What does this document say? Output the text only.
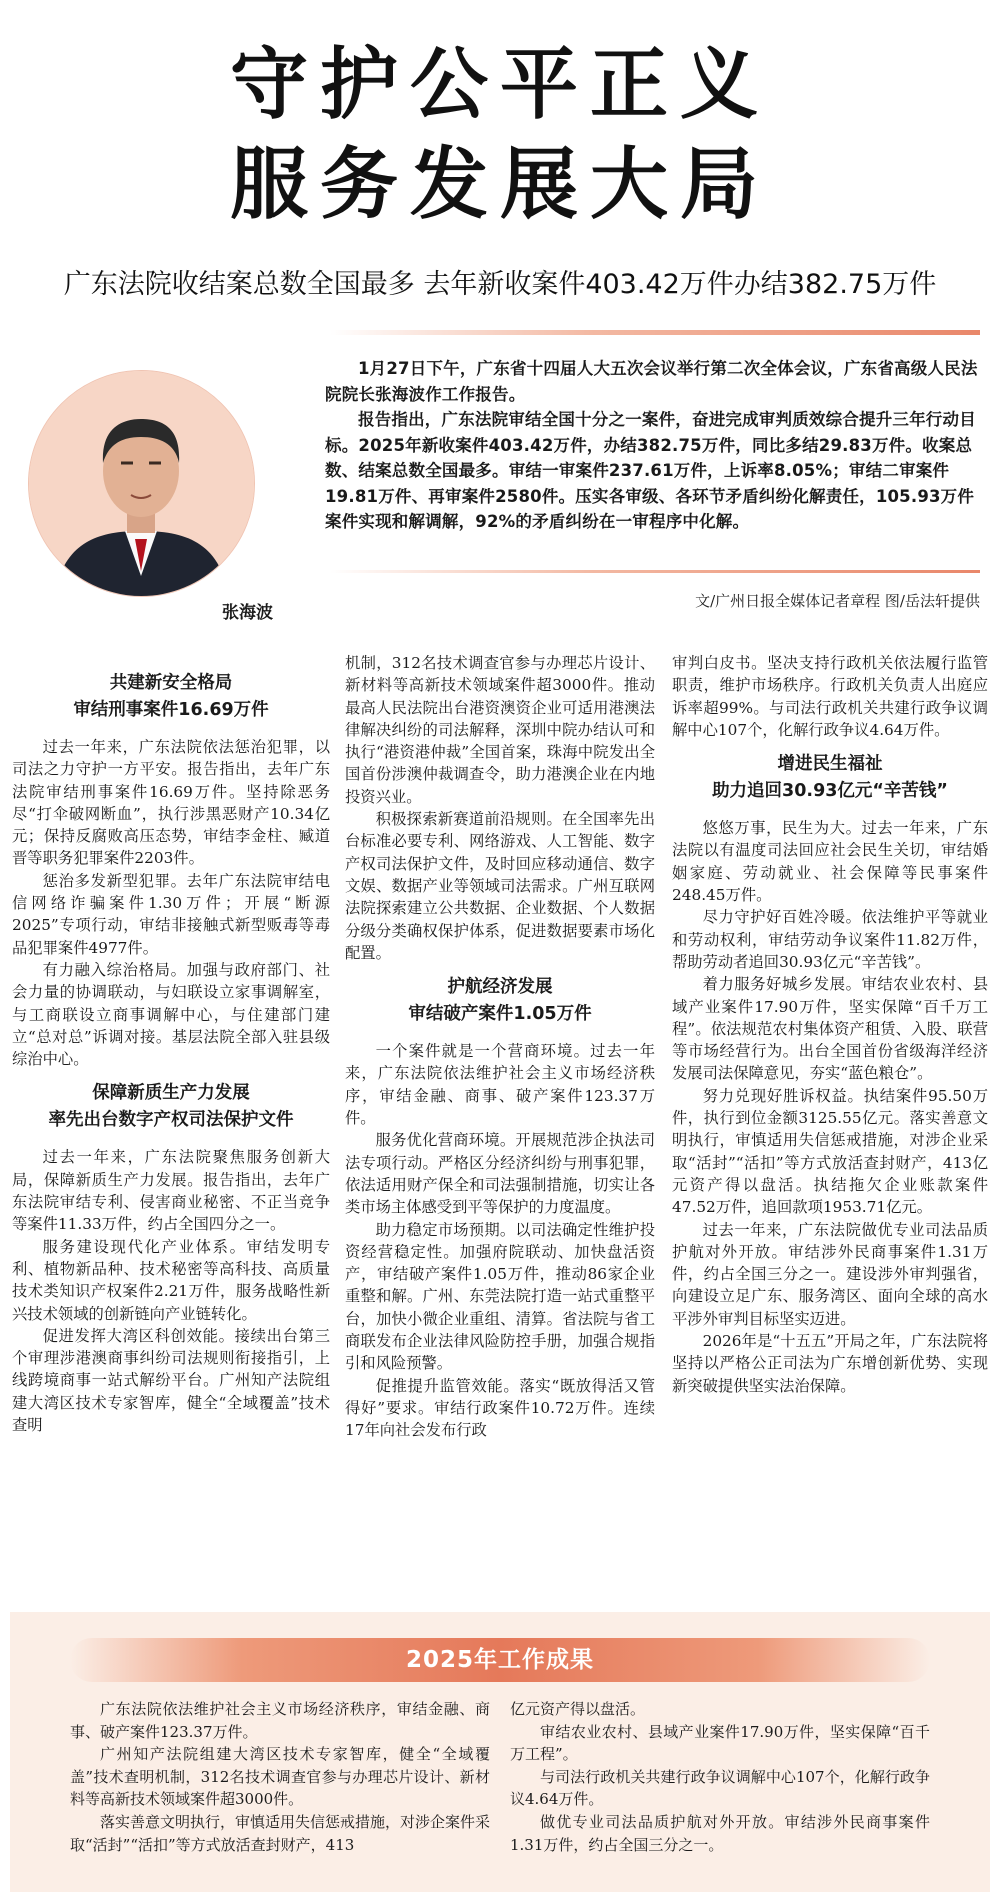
守护公平正义
服务发展大局
广东法院收结案总数全国最多 去年新收案件403.42万件办结382.75万件
张海波

1月27日下午，广东省十四届人大五次会议举行第二次全体会议，广东省高级人民法院院长张海波作工作报告。

报告指出，广东法院审结全国十分之一案件，奋进完成审判质效综合提升三年行动目标。2025年新收案件403.42万件，办结382.75万件，同比多结29.83万件。收案总数、结案总数全国最多。审结一审案件237.61万件，上诉率8.05%；审结二审案件19.81万件、再审案件2580件。压实各审级、各环节矛盾纠纷化解责任，105.93万件案件实现和解调解，92%的矛盾纠纷在一审程序中化解。

文/广州日报全媒体记者章程 图/岳法轩提供
共建新安全格局
审结刑事案件16.69万件

过去一年来，广东法院依法惩治犯罪，以司法之力守护一方平安。报告指出，去年广东法院审结刑事案件16.69万件。坚持除恶务尽“打伞破网断血”，执行涉黑恶财产10.34亿元；保持反腐败高压态势，审结李金柱、臧道晋等职务犯罪案件2203件。

惩治多发新型犯罪。去年广东法院审结电信网络诈骗案件1.30万件；开展“断源2025”专项行动，审结非接触式新型贩毒等毒品犯罪案件4977件。

有力融入综治格局。加强与政府部门、社会力量的协调联动，与妇联设立家事调解室，与工商联设立商事调解中心，与住建部门建立“总对总”诉调对接。基层法院全部入驻县级综治中心。

保障新质生产力发展
率先出台数字产权司法保护文件

过去一年来，广东法院聚焦服务创新大局，保障新质生产力发展。报告指出，去年广东法院审结专利、侵害商业秘密、不正当竞争等案件11.33万件，约占全国四分之一。

服务建设现代化产业体系。审结发明专利、植物新品种、技术秘密等高科技、高质量技术类知识产权案件2.21万件，服务战略性新兴技术领域的创新链向产业链转化。

促进发挥大湾区科创效能。接续出台第三个审理涉港澳商事纠纷司法规则衔接指引，上线跨境商事一站式解纷平台。广州知产法院组建大湾区技术专家智库，健全“全域覆盖”技术查明

机制，312名技术调查官参与办理芯片设计、新材料等高新技术领域案件超3000件。推动最高人民法院出台港资澳资企业可适用港澳法律解决纠纷的司法解释，深圳中院办结认可和执行“港资港仲裁”全国首案，珠海中院发出全国首份涉澳仲裁调查令，助力港澳企业在内地投资兴业。

积极探索新赛道前沿规则。在全国率先出台标准必要专利、网络游戏、人工智能、数字产权司法保护文件，及时回应移动通信、数字文娱、数据产业等领域司法需求。广州互联网法院探索建立公共数据、企业数据、个人数据分级分类确权保护体系，促进数据要素市场化配置。

护航经济发展
审结破产案件1.05万件

一个案件就是一个营商环境。过去一年来，广东法院依法维护社会主义市场经济秩序，审结金融、商事、破产案件123.37万件。

服务优化营商环境。开展规范涉企执法司法专项行动。严格区分经济纠纷与刑事犯罪，依法适用财产保全和司法强制措施，切实让各类市场主体感受到平等保护的力度温度。

助力稳定市场预期。以司法确定性维护投资经营稳定性。加强府院联动、加快盘活资产，审结破产案件1.05万件，推动86家企业重整和解。广州、东莞法院打造一站式重整平台，加快小微企业重组、清算。省法院与省工商联发布企业法律风险防控手册，加强合规指引和风险预警。

促推提升监管效能。落实“既放得活又管得好”要求。审结行政案件10.72万件。连续17年向社会发布行政

审判白皮书。坚决支持行政机关依法履行监管职责，维护市场秩序。行政机关负责人出庭应诉率超99%。与司法行政机关共建行政争议调解中心107个，化解行政争议4.64万件。

增进民生福祉
助力追回30.93亿元“辛苦钱”

悠悠万事，民生为大。过去一年来，广东法院以有温度司法回应社会民生关切，审结婚姻家庭、劳动就业、社会保障等民事案件248.45万件。

尽力守护好百姓冷暖。依法维护平等就业和劳动权利，审结劳动争议案件11.82万件，帮助劳动者追回30.93亿元“辛苦钱”。

着力服务好城乡发展。审结农业农村、县域产业案件17.90万件，坚实保障“百千万工程”。依法规范农村集体资产租赁、入股、联营等市场经营行为。出台全国首份省级海洋经济发展司法保障意见，夯实“蓝色粮仓”。

努力兑现好胜诉权益。执结案件95.50万件，执行到位金额3125.55亿元。落实善意文明执行，审慎适用失信惩戒措施，对涉企业采取“活封”“活扣”等方式放活查封财产，413亿元资产得以盘活。执结拖欠企业账款案件47.52万件，追回款项1953.71亿元。

过去一年来，广东法院做优专业司法品质护航对外开放。审结涉外民商事案件1.31万件，约占全国三分之一。建设涉外审判强省，向建设立足广东、服务湾区、面向全球的高水平涉外审判目标坚实迈进。

2026年是“十五五”开局之年，广东法院将坚持以严格公正司法为广东增创新优势、实现新突破提供坚实法治保障。

2025年工作成果

广东法院依法维护社会主义市场经济秩序，审结金融、商事、破产案件123.37万件。

广州知产法院组建大湾区技术专家智库，健全“全域覆盖”技术查明机制，312名技术调查官参与办理芯片设计、新材料等高新技术领域案件超3000件。

落实善意文明执行，审慎适用失信惩戒措施，对涉企案件采取“活封”“活扣”等方式放活查封财产，413

亿元资产得以盘活。

审结农业农村、县域产业案件17.90万件，坚实保障“百千万工程”。

与司法行政机关共建行政争议调解中心107个，化解行政争议4.64万件。

做优专业司法品质护航对外开放。审结涉外民商事案件1.31万件，约占全国三分之一。
